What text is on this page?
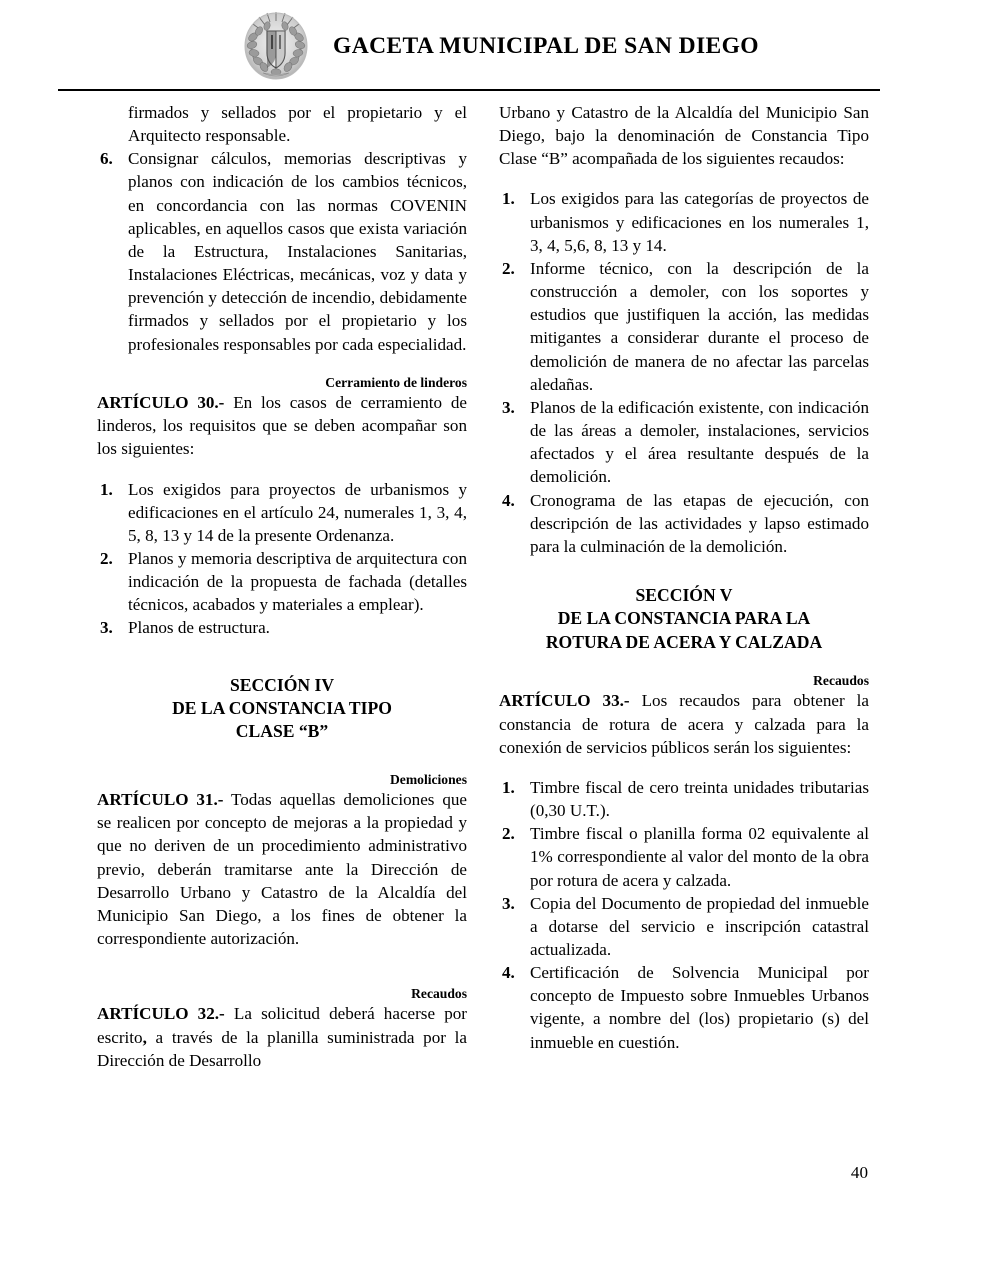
GACETA MUNICIPAL DE SAN DIEGO

firmados y sellados por el propietario y el Arquitecto responsable.

6. Consignar cálculos, memorias descriptivas y planos con indicación de los cambios técnicos, en concordancia con las normas COVENIN aplicables, en aquellos casos que exista variación de la Estructura, Instalaciones Sanitarias, Instalaciones Eléctricas, mecánicas, voz y data y prevención y detección de incendio, debidamente firmados y sellados por el propietario y los profesionales responsables por cada especialidad.
Cerramiento de linderos

ARTÍCULO 30.- En los casos de cerramiento de linderos, los requisitos que se deben acompañar son los siguientes:

1. Los exigidos para proyectos de urbanismos y edificaciones en el artículo 24, numerales 1, 3, 4, 5, 8, 13 y 14 de la presente Ordenanza.
2. Planos y memoria descriptiva de arquitectura con indicación de la propuesta de fachada (detalles técnicos, acabados y materiales a emplear).
3. Planos de estructura.
SECCIÓN IV
DE LA CONSTANCIA TIPO
CLASE “B”
Demoliciones

ARTÍCULO 31.- Todas aquellas demoliciones que se realicen por concepto de mejoras a la propiedad y que no deriven de un procedimiento administrativo previo, deberán tramitarse ante la Dirección de Desarrollo Urbano y Catastro de la Alcaldía del Municipio San Diego, a los fines de obtener la correspondiente autorización.

Recaudos

ARTÍCULO 32.- La solicitud deberá hacerse por escrito, a través de la planilla suministrada por la Dirección de Desarrollo

Urbano y Catastro de la Alcaldía del Municipio San Diego, bajo la denominación de Constancia Tipo Clase “B” acompañada de los siguientes recaudos:

1. Los exigidos para las categorías de proyectos de urbanismos y edificaciones en los numerales 1, 3, 4, 5,6, 8, 13 y 14.
2. Informe técnico, con la descripción de la construcción a demoler, con los soportes y estudios que justifiquen la acción, las medidas mitigantes a considerar durante el proceso de demolición de manera de no afectar las parcelas aledañas.
3. Planos de la edificación existente, con indicación de las áreas a demoler, instalaciones, servicios afectados y el área resultante después de la demolición.
4. Cronograma de las etapas de ejecución, con descripción de las actividades y lapso estimado para la culminación de la demolición.
SECCIÓN V
DE LA CONSTANCIA PARA LA
ROTURA DE ACERA Y CALZADA
Recaudos

ARTÍCULO 33.- Los recaudos para obtener la constancia de rotura de acera y calzada para la conexión de servicios públicos serán los siguientes:

1. Timbre fiscal de cero treinta unidades tributarias (0,30 U.T.).
2. Timbre fiscal o planilla forma 02 equivalente al 1% correspondiente al valor del monto de la obra por rotura de acera y calzada.
3. Copia del Documento de propiedad del inmueble a dotarse del servicio e inscripción catastral actualizada.
4. Certificación de Solvencia Municipal por concepto de Impuesto sobre Inmuebles Urbanos vigente, a nombre del (los) propietario (s) del inmueble en cuestión.
40
